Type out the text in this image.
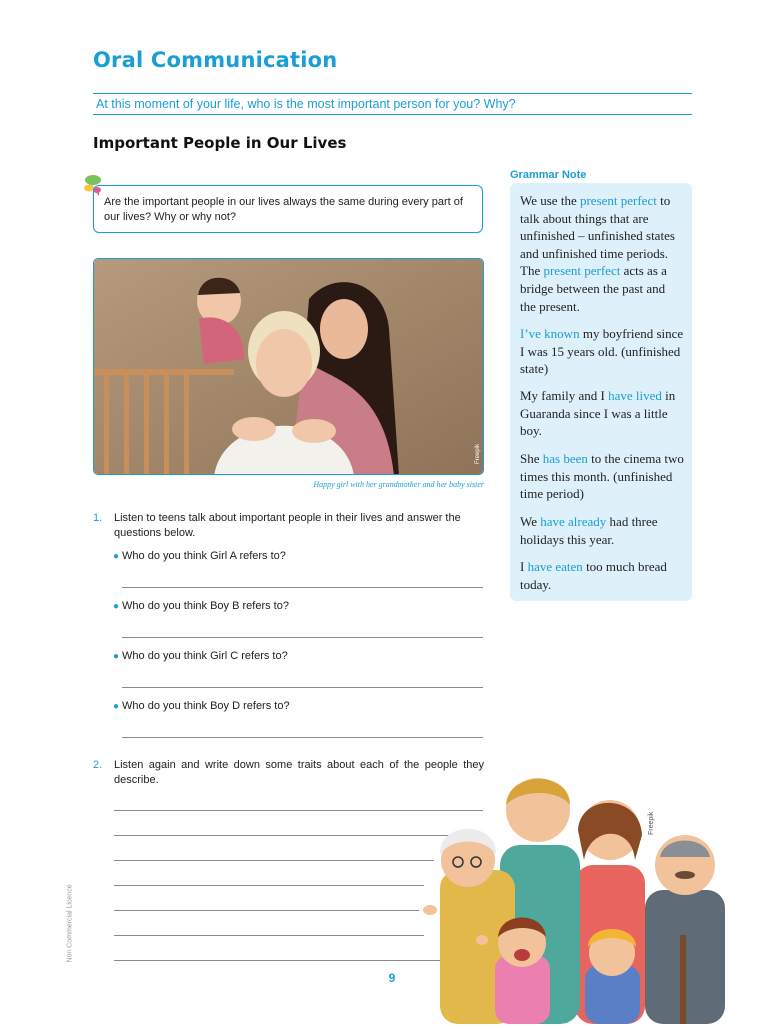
Oral Communication
At this moment of your life, who is the most important person for you? Why?
Important People in Our Lives
Are the important people in our lives always the same during every part of our lives? Why or why not?
Freepik
Happy girl with her grandmother and her baby sister
1. Listen to teens talk about important people in their lives and answer the questions below.
● Who do you think Girl A refers to?
● Who do you think Boy B refers to?
● Who do you think Girl C refers to?
● Who do you think Boy D refers to?
2. Listen again and write down some traits about each of the people they describe.
Grammar Note
We use the present perfect to talk about things that are unfinished – unfinished states and unfinished time periods. The present perfect acts as a bridge between the past and the present.
I’ve known my boyfriend since I was 15 years old. (unfinished state)
My family and I have lived in Guaranda since I was a little boy.
She has been to the cinema two times this month. (unfinished time period)
We have already had three holidays this year.
I have eaten too much bread today.
Freepik
9
Non Commercial Licence
